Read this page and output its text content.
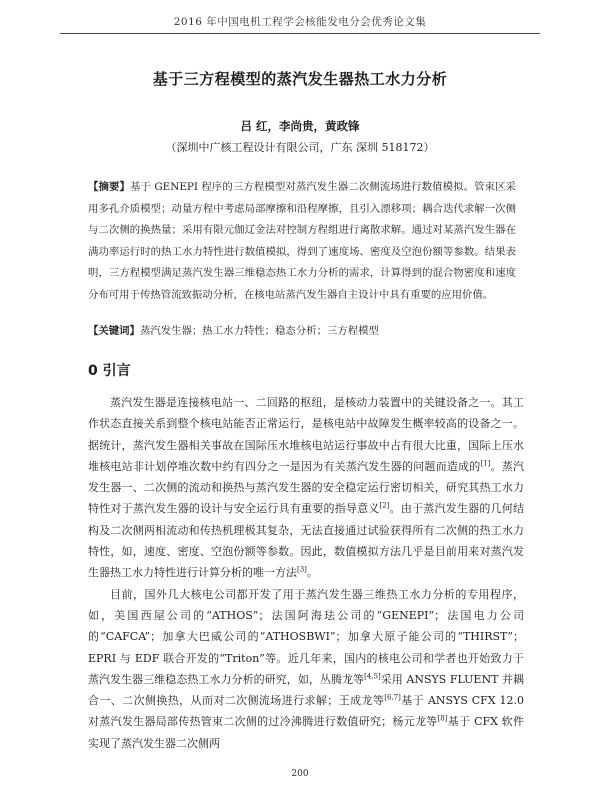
2016 年中国电机工程学会核能发电分会优秀论文集
基于三方程模型的蒸汽发生器热工水力分析
吕 红，李尚贵，黄政锋
（深圳中广核工程设计有限公司，广东 深圳 518172）
【摘要】基于 GENEPI 程序的三方程模型对蒸汽发生器二次侧流场进行数值模拟。管束区采用多孔介质模型；动量方程中考虑局部摩擦和沿程摩擦，且引入漂移项；耦合迭代求解一次侧与二次侧的换热量；采用有限元伽辽金法对控制方程组进行离散求解。通过对某蒸汽发生器在满功率运行时的热工水力特性进行数值模拟，得到了速度场、密度及空泡份额等参数。结果表明，三方程模型满足蒸汽发生器三维稳态热工水力分析的需求，计算得到的混合物密度和速度分布可用于传热管流致振动分析，在核电站蒸汽发生器自主设计中具有重要的应用价值。
【关键词】蒸汽发生器；热工水力特性；稳态分析；三方程模型
0 引言

蒸汽发生器是连接核电站一、二回路的枢纽，是核动力装置中的关键设备之一。其工作状态直接关系到整个核电站能否正常运行，是核电站中故障发生概率较高的设备之一。据统计，蒸汽发生器相关事故在国际压水堆核电站运行事故中占有很大比重，国际上压水堆核电站非计划停堆次数中约有四分之一是因为有关蒸汽发生器的问题而造成的[1]。蒸汽发生器一、二次侧的流动和换热与蒸汽发生器的安全稳定运行密切相关，研究其热工水力特性对于蒸汽发生器的设计与安全运行具有重要的指导意义[2]。由于蒸汽发生器的几何结构及二次侧两相流动和传热机理极其复杂，无法直接通过试验获得所有二次侧的热工水力特性，如，速度、密度、空泡份额等参数。因此，数值模拟方法几乎是目前用来对蒸汽发生器热工水力特性进行计算分析的唯一方法[3]。

目前，国外几大核电公司都开发了用于蒸汽发生器三维热工水力分析的专用程序，如，美国西屋公司的“ATHOS”；法国阿海珐公司的“GENEPI”；法国电力公司的“CAFCA”；加拿大巴威公司的“ATHOSBWI”；加拿大原子能公司的“THIRST”；EPRI 与 EDF 联合开发的“Triton”等。近几年来，国内的核电公司和学者也开始致力于蒸汽发生器三维稳态热工水力分析的研究，如，丛腾龙等[4,5]采用 ANSYS FLUENT 并耦合一、二次侧换热，从而对二次侧流场进行求解；王成龙等[6,7]基于 ANSYS CFX 12.0 对蒸汽发生器局部传热管束二次侧的过冷沸腾进行数值研究；杨元龙等[8]基于 CFX 软件实现了蒸汽发生器二次侧两

200
